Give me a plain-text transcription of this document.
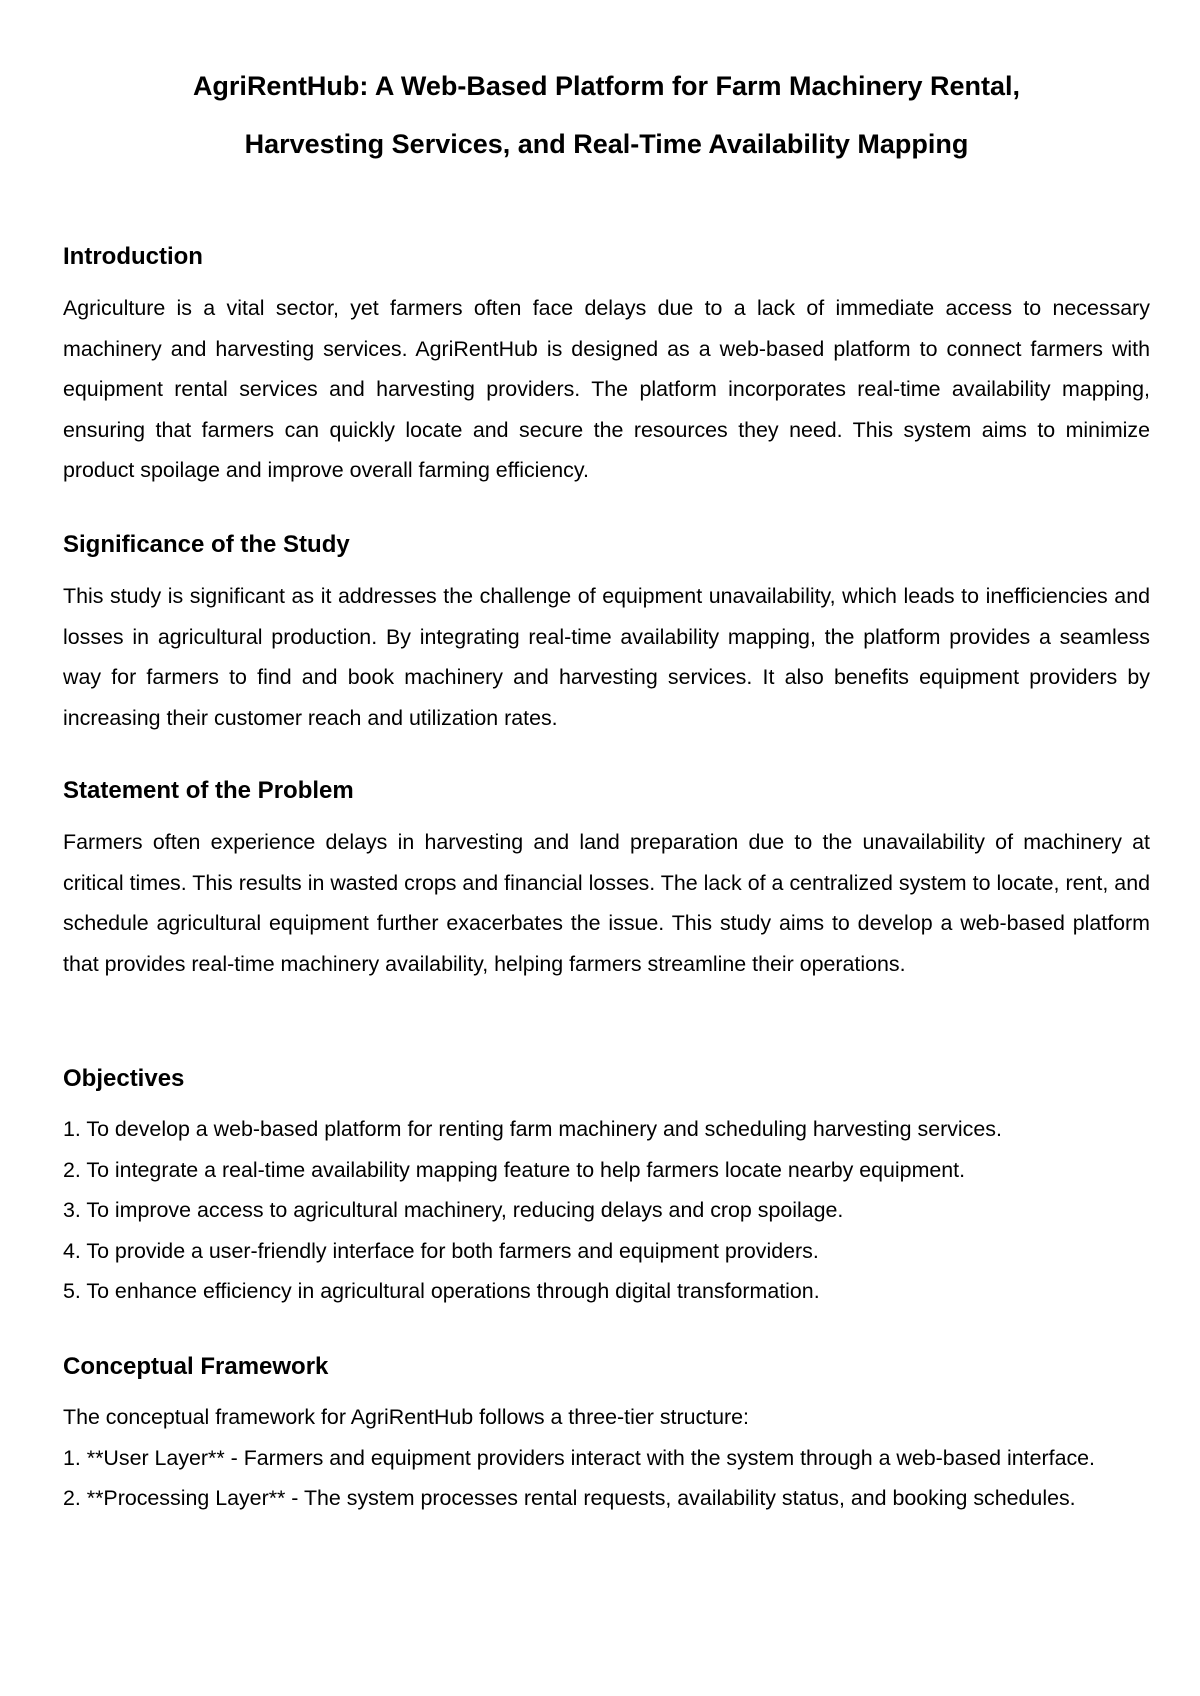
AgriRentHub: A Web-Based Platform for Farm Machinery Rental,
Harvesting Services, and Real-Time Availability Mapping
Introduction

Agriculture is a vital sector, yet farmers often face delays due to a lack of immediate access to necessary machinery and harvesting services. AgriRentHub is designed as a web-based platform to connect farmers with equipment rental services and harvesting providers. The platform incorporates real-time availability mapping, ensuring that farmers can quickly locate and secure the resources they need. This system aims to minimize product spoilage and improve overall farming efficiency.

Significance of the Study

This study is significant as it addresses the challenge of equipment unavailability, which leads to inefficiencies and losses in agricultural production. By integrating real-time availability mapping, the platform provides a seamless way for farmers to find and book machinery and harvesting services. It also benefits equipment providers by increasing their customer reach and utilization rates.

Statement of the Problem

Farmers often experience delays in harvesting and land preparation due to the unavailability of machinery at critical times. This results in wasted crops and financial losses. The lack of a centralized system to locate, rent, and schedule agricultural equipment further exacerbates the issue. This study aims to develop a web-based platform that provides real-time machinery availability, helping farmers streamline their operations.

Objectives
1. To develop a web-based platform for renting farm machinery and scheduling harvesting services.
2. To integrate a real-time availability mapping feature to help farmers locate nearby equipment.
3. To improve access to agricultural machinery, reducing delays and crop spoilage.
4. To provide a user-friendly interface for both farmers and equipment providers.
5. To enhance efficiency in agricultural operations through digital transformation.
Conceptual Framework
The conceptual framework for AgriRentHub follows a three-tier structure:

1. **User Layer** - Farmers and equipment providers interact with the system through a web-based interface.

2. **Processing Layer** - The system processes rental requests, availability status, and booking schedules.
